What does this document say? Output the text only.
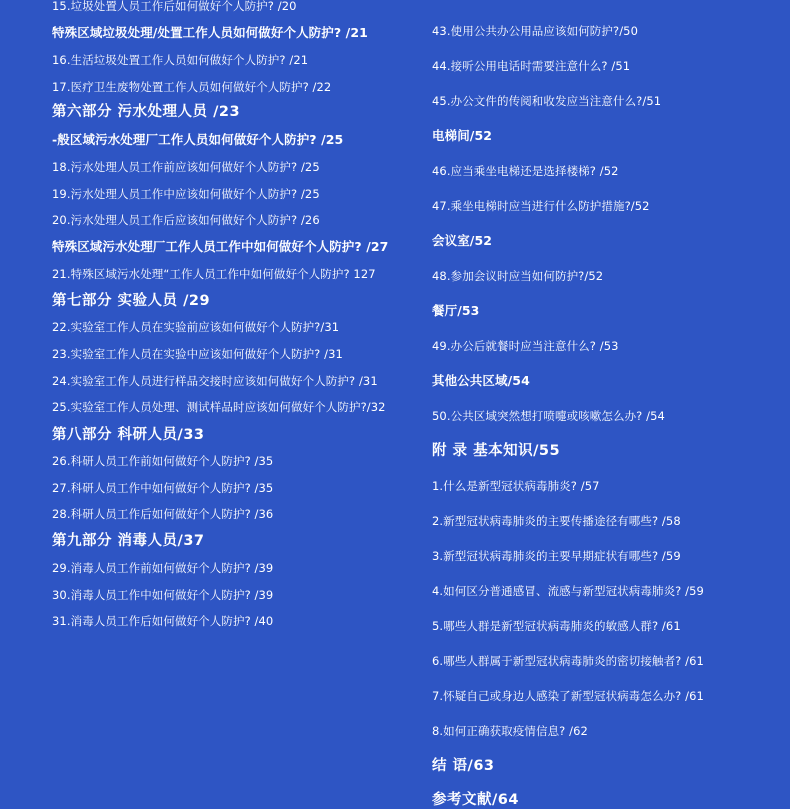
15.垃圾处置人员工作后如何做好个人防护? /20
特殊区域垃圾处理/处置工作人员如何做好个人防护? /21
16.生活垃圾处置工作人员如何做好个人防护? /21
17.医疗卫生废物处置工作人员如何做好个人防护? /22
第六部分 污水处理人员 /23
-般区域污水处理厂工作人员如何做好个人防护? /25
18.污水处理人员工作前应该如何做好个人防护? /25
19.污水处理人员工作中应该如何做好个人防护? /25
20.污水处理人员工作后应该如何做好个人防护? /26
特殊区域污水处理厂工作人员工作中如何做好个人防护? /27
21.特殊区域污水处理“工作人员工作中如何做好个人防护? 127
第七部分 实验人员 /29
22.实验室工作人员在实验前应该如何做好个人防护?/31
23.实验室工作人员在实验中应该如何做好个人防护? /31
24.实验室工作人员进行样品交接时应该如何做好个人防护? /31
25.实验室工作人员处理、测试样品时应该如何做好个人防护?/32
第八部分 科研人员/33
26.科研人员工作前如何做好个人防护? /35
27.科研人员工作中如何做好个人防护? /35
28.科研人员工作后如何做好个人防护? /36
第九部分 消毒人员/37
29.消毒人员工作前如何做好个人防护? /39
30.消毒人员工作中如何做好个人防护? /39
31.消毒人员工作后如何做好个人防护? /40
43.使用公共办公用品应该如何防护?/50
44.接听公用电话时需要注意什么? /51
45.办公文件的传阅和收发应当注意什么?/51
电梯间/52
46.应当乘坐电梯还是选择楼梯? /52
47.乘坐电梯时应当进行什么防护措施?/52
会议室/52
48.参加会议时应当如何防护?/52
餐厅/53
49.办公后就餐时应当注意什么? /53
其他公共区域/54
50.公共区域突然想打喷嚏或咳嗽怎么办? /54
附 录 基本知识/55
1.什么是新型冠状病毒肺炎? /57
2.新型冠状病毒肺炎的主要传播途径有哪些? /58
3.新型冠状病毒肺炎的主要早期症状有哪些? /59
4.如何区分普通感冒、流感与新型冠状病毒肺炎? /59
5.哪些人群是新型冠状病毒肺炎的敏感人群? /61
6.哪些人群属于新型冠状病毒肺炎的密切接触者? /61
7.怀疑自己或身边人感染了新型冠状病毒怎么办? /61
8.如何正确获取疫情信息? /62
结 语/63
参考文献/64
